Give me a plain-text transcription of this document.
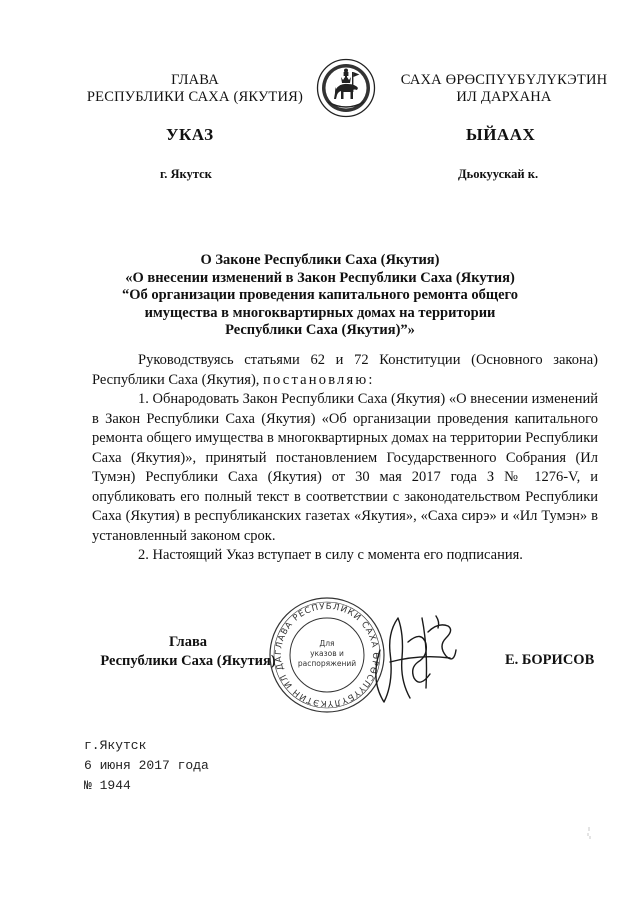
ГЛАВА
РЕСПУБЛИКИ САХА (ЯКУТИЯ)
САХА ӨРӨСПҮҮБҮЛҮКЭТИН
ИЛ ДАРХАНА
УКАЗ	ЫЙААХ
г. Якутск	Дьокуускай к.
О Законе Республики Саха (Якутия)
«О внесении изменений в Закон Республики Саха (Якутия)
“Об организации проведения капитального ремонта общего
имущества в многоквартирных домах на территории
Республики Саха (Якутия)”»

Руководствуясь статьями 62 и 72 Конституции (Основного закона) Республики Саха (Якутия), постановляю:

1. Обнародовать Закон Республики Саха (Якутия) «О внесении изменений в Закон Республики Саха (Якутия) «Об организации проведения капитального ремонта общего имущества в многоквартирных домах на территории Республики Саха (Якутия)», принятый постановлением Государственного Собрания (Ил Тумэн) Республики Саха (Якутия) от 30 мая 2017 года З № 1276-V, и опубликовать его полный текст в соответствии с законодательством Республики Саха (Якутия) в республиканских газетах «Якутия», «Саха сирэ» и «Ил Тумэн» в установленный законом срок.

2. Настоящий Указ вступает в силу с момента его подписания.

Глава
Республики Саха (Якутия)
ГЛАВА РЕСПУБЛИКИ САХА ӨРӨСПҮҮБҮЛҮКЭТИН ИЛ ДА
Для
указов и
распоряжений	Е. БОРИСОВ
г.Якутск
6 июня 2017 года
№ 1944
